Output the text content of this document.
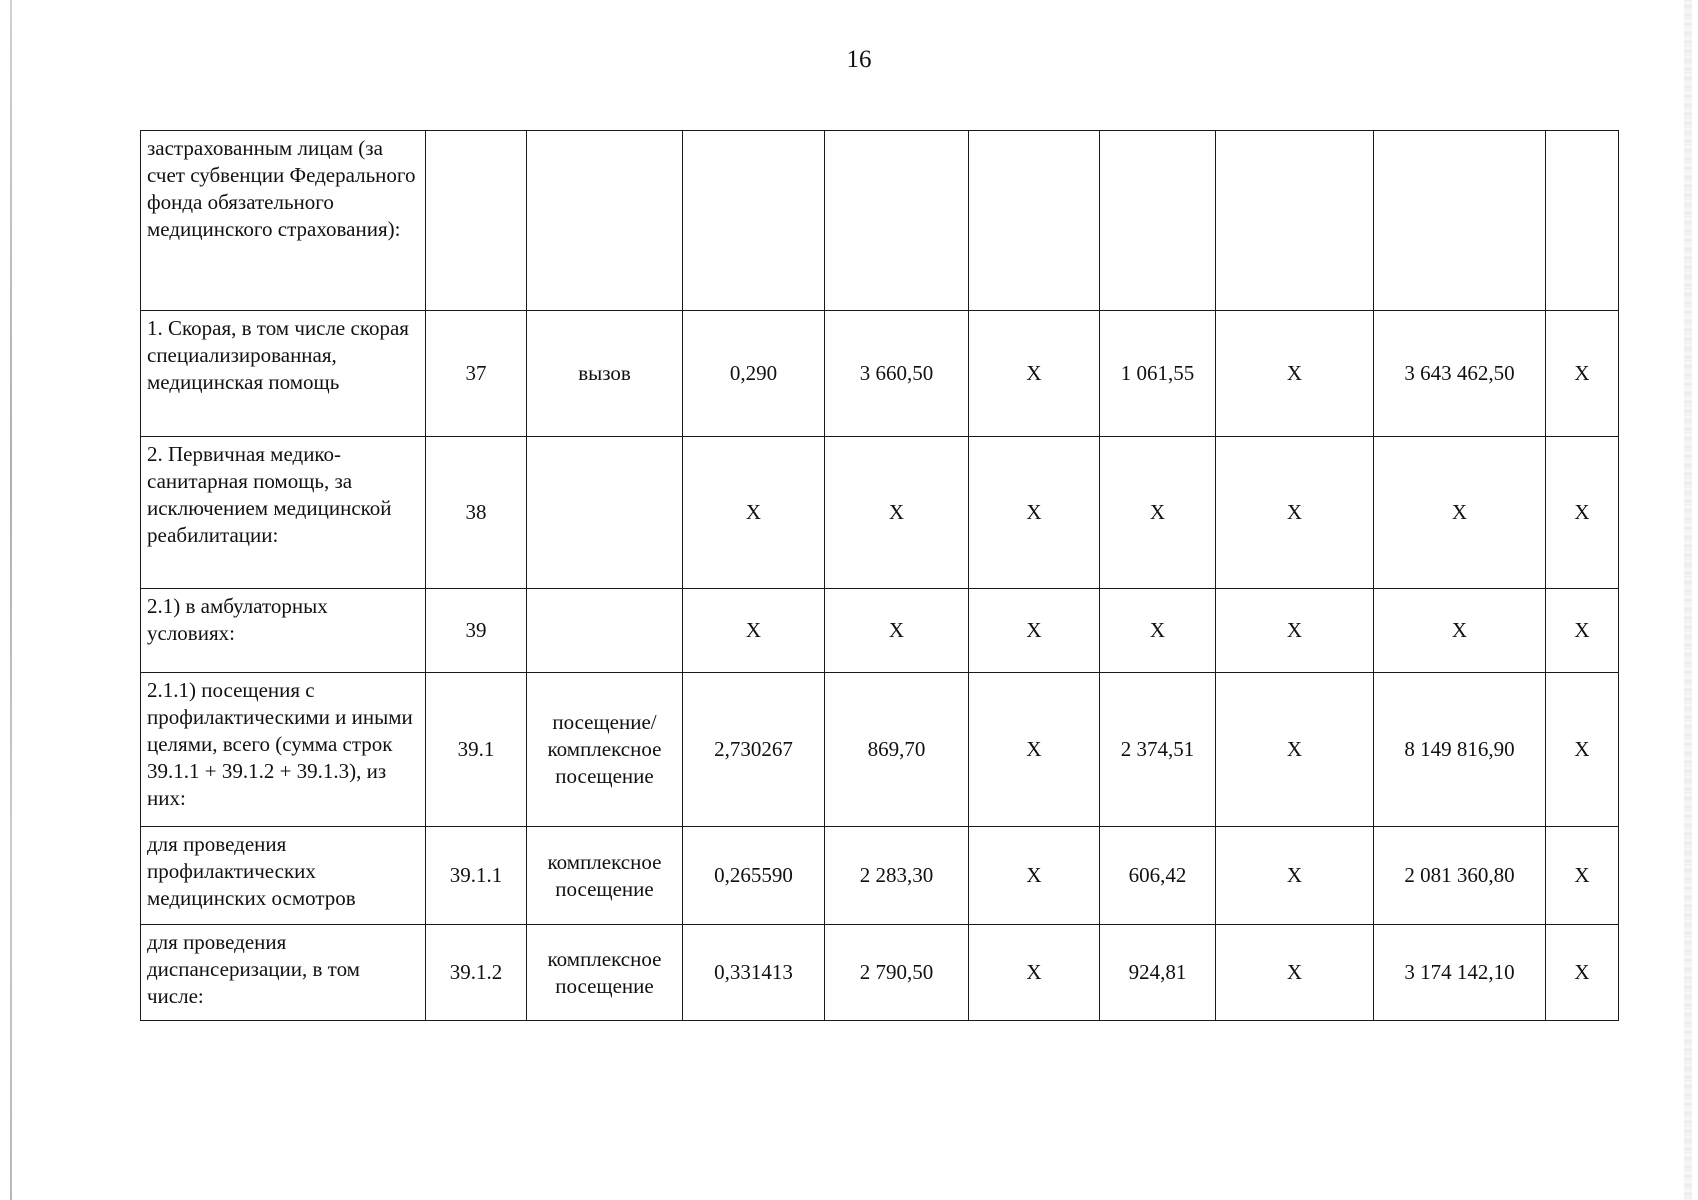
16
застрахованным лицам (за счет субвенции Федерального фонда обязательного медицинского страхования):									
1. Скорая, в том числе скорая специализированная, медицинская помощь	37	вызов	0,290	3 660,50	X	1 061,55	X	3 643 462,50	X
2. Первичная медико-санитарная помощь, за исключением медицинской реабилитации:	38		X	X	X	X	X	X	X
2.1) в амбулаторных условиях:	39		X	X	X	X	X	X	X
2.1.1) посещения с профилактическими и иными целями, всего (сумма строк 39.1.1 + 39.1.2 + 39.1.3), из них:	39.1	посещение/ комплексное посещение	2,730267	869,70	X	2 374,51	X	8 149 816,90	X
для проведения профилактических медицинских осмотров	39.1.1	комплексное посещение	0,265590	2 283,30	X	606,42	X	2 081 360,80	X
для проведения диспансеризации, в том числе:	39.1.2	комплексное посещение	0,331413	2 790,50	X	924,81	X	3 174 142,10	X
